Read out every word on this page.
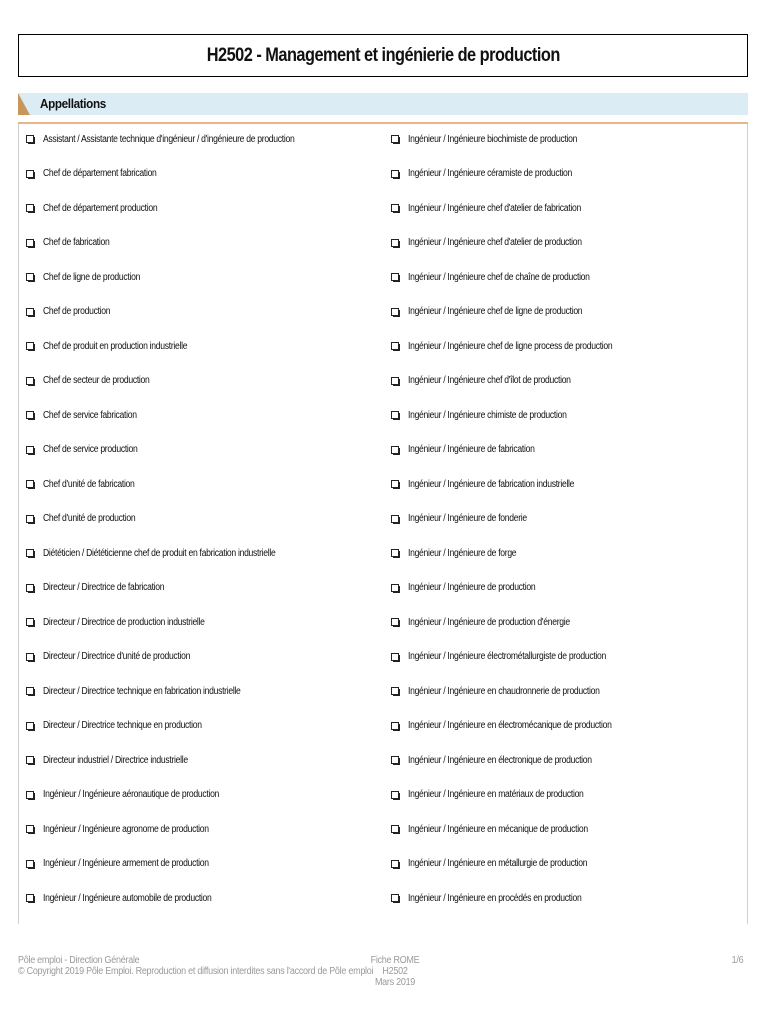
H2502 - Management et ingénierie de production
Appellations
Assistant / Assistante technique d'ingénieur / d'ingénieure de production
Chef de département fabrication
Chef de département production
Chef de fabrication
Chef de ligne de production
Chef de production
Chef de produit en production industrielle
Chef de secteur de production
Chef de service fabrication
Chef de service production
Chef d'unité de fabrication
Chef d'unité de production
Diététicien / Diététicienne chef de produit en fabrication industrielle
Directeur / Directrice de fabrication
Directeur / Directrice de production industrielle
Directeur / Directrice d'unité de production
Directeur / Directrice technique en fabrication industrielle
Directeur / Directrice technique en production
Directeur industriel / Directrice industrielle
Ingénieur / Ingénieure aéronautique de production
Ingénieur / Ingénieure agronome de production
Ingénieur / Ingénieure armement de production
Ingénieur / Ingénieure automobile de production
Ingénieur / Ingénieure biochimiste de production
Ingénieur / Ingénieure céramiste de production
Ingénieur / Ingénieure chef d'atelier de fabrication
Ingénieur / Ingénieure chef d'atelier de production
Ingénieur / Ingénieure chef de chaîne de production
Ingénieur / Ingénieure chef de ligne de production
Ingénieur / Ingénieure chef de ligne process de production
Ingénieur / Ingénieure chef d'îlot de production
Ingénieur / Ingénieure chimiste de production
Ingénieur / Ingénieure de fabrication
Ingénieur / Ingénieure de fabrication industrielle
Ingénieur / Ingénieure de fonderie
Ingénieur / Ingénieure de forge
Ingénieur / Ingénieure de production
Ingénieur / Ingénieure de production d'énergie
Ingénieur / Ingénieure électrométallurgiste de production
Ingénieur / Ingénieure en chaudronnerie de production
Ingénieur / Ingénieure en électromécanique de production
Ingénieur / Ingénieure en électronique de production
Ingénieur / Ingénieure en matériaux de production
Ingénieur / Ingénieure en mécanique de production
Ingénieur / Ingénieure en métallurgie de production
Ingénieur / Ingénieure en procédés en production
Pôle emploi - Direction Générale
© Copyright 2019 Pôle Emploi. Reproduction et diffusion interdites sans l'accord de Pôle emploi
Fiche ROME H2502
Mars 2019
1/6
